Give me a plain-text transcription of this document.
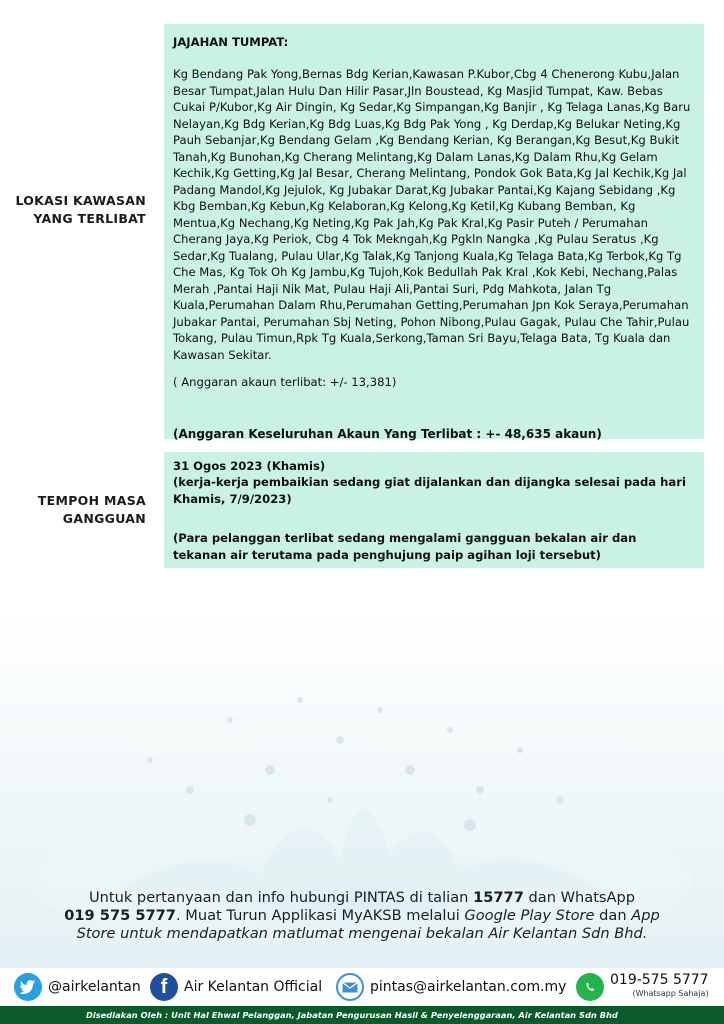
LOKASI KAWASAN
YANG TERLIBAT
JAJAHAN TUMPAT:
Kg Bendang Pak Yong,Bernas Bdg Kerian,Kawasan P.Kubor,Cbg 4 Chenerong Kubu,Jalan Besar Tumpat,Jalan Hulu Dan Hilir Pasar,Jln Boustead, Kg Masjid Tumpat, Kaw. Bebas Cukai P/Kubor,Kg Air Dingin, Kg Sedar,Kg Simpangan,Kg Banjir , Kg Telaga Lanas,Kg Baru Nelayan,Kg Bdg Kerian,Kg Bdg Luas,Kg Bdg Pak Yong , Kg Derdap,Kg Belukar Neting,Kg Pauh Sebanjar,Kg Bendang Gelam ,Kg Bendang Kerian, Kg Berangan,Kg Besut,Kg Bukit Tanah,Kg Bunohan,Kg Cherang Melintang,Kg Dalam Lanas,Kg Dalam Rhu,Kg Gelam Kechik,Kg Getting,Kg Jal Besar, Cherang Melintang, Pondok Gok Bata,Kg Jal Kechik,Kg Jal Padang Mandol,Kg Jejulok, Kg Jubakar Darat,Kg Jubakar Pantai,Kg Kajang Sebidang ,Kg Kbg Bemban,Kg Kebun,Kg Kelaboran,Kg Kelong,Kg Ketil,Kg Kubang Bemban, Kg Mentua,Kg Nechang,Kg Neting,Kg Pak Jah,Kg Pak Kral,Kg Pasir Puteh / Perumahan Cherang Jaya,Kg Periok, Cbg 4 Tok Mekngah,Kg Pgkln Nangka ,Kg Pulau Seratus ,Kg Sedar,Kg Tualang, Pulau Ular,Kg Talak,Kg Tanjong Kuala,Kg Telaga Bata,Kg Terbok,Kg Tg Che Mas, Kg Tok Oh Kg Jambu,Kg Tujoh,Kok Bedullah Pak Kral ,Kok Kebi, Nechang,Palas Merah ,Pantai Haji Nik Mat, Pulau Haji Ali,Pantai Suri, Pdg Mahkota, Jalan Tg Kuala,Perumahan Dalam Rhu,Perumahan Getting,Perumahan Jpn Kok Seraya,Perumahan Jubakar Pantai, Perumahan Sbj Neting, Pohon Nibong,Pulau Gagak, Pulau Che Tahir,Pulau Tokang, Pulau Timun,Rpk Tg Kuala,Serkong,Taman Sri Bayu,Telaga Bata, Tg Kuala dan Kawasan Sekitar.
( Anggaran akaun terlibat: +/- 13,381)
(Anggaran Keseluruhan Akaun Yang Terlibat : +- 48,635 akaun)
TEMPOH MASA
GANGGUAN
31 Ogos 2023 (Khamis)
(kerja-kerja pembaikian sedang giat dijalankan dan dijangka selesai pada hari Khamis, 7/9/2023)
(Para pelanggan terlibat sedang mengalami gangguan bekalan air dan tekanan air terutama pada penghujung paip agihan loji tersebut)
Untuk pertanyaan dan info hubungi PINTAS di talian 15777 dan WhatsApp
019 575 5777. Muat Turun Applikasi MyAKSB melalui Google Play Store dan App
Store untuk mendapatkan matlumat mengenai bekalan Air Kelantan Sdn Bhd.
@airkelantan f	Air Kelantan Official	pintas@airkelantan.com.my	019-575 5777
(Whatsapp Sahaja)
Disediakan Oleh : Unit Hal Ehwal Pelanggan, Jabatan Pengurusan Hasil & Penyelenggaraan, Air Kelantan Sdn Bhd
